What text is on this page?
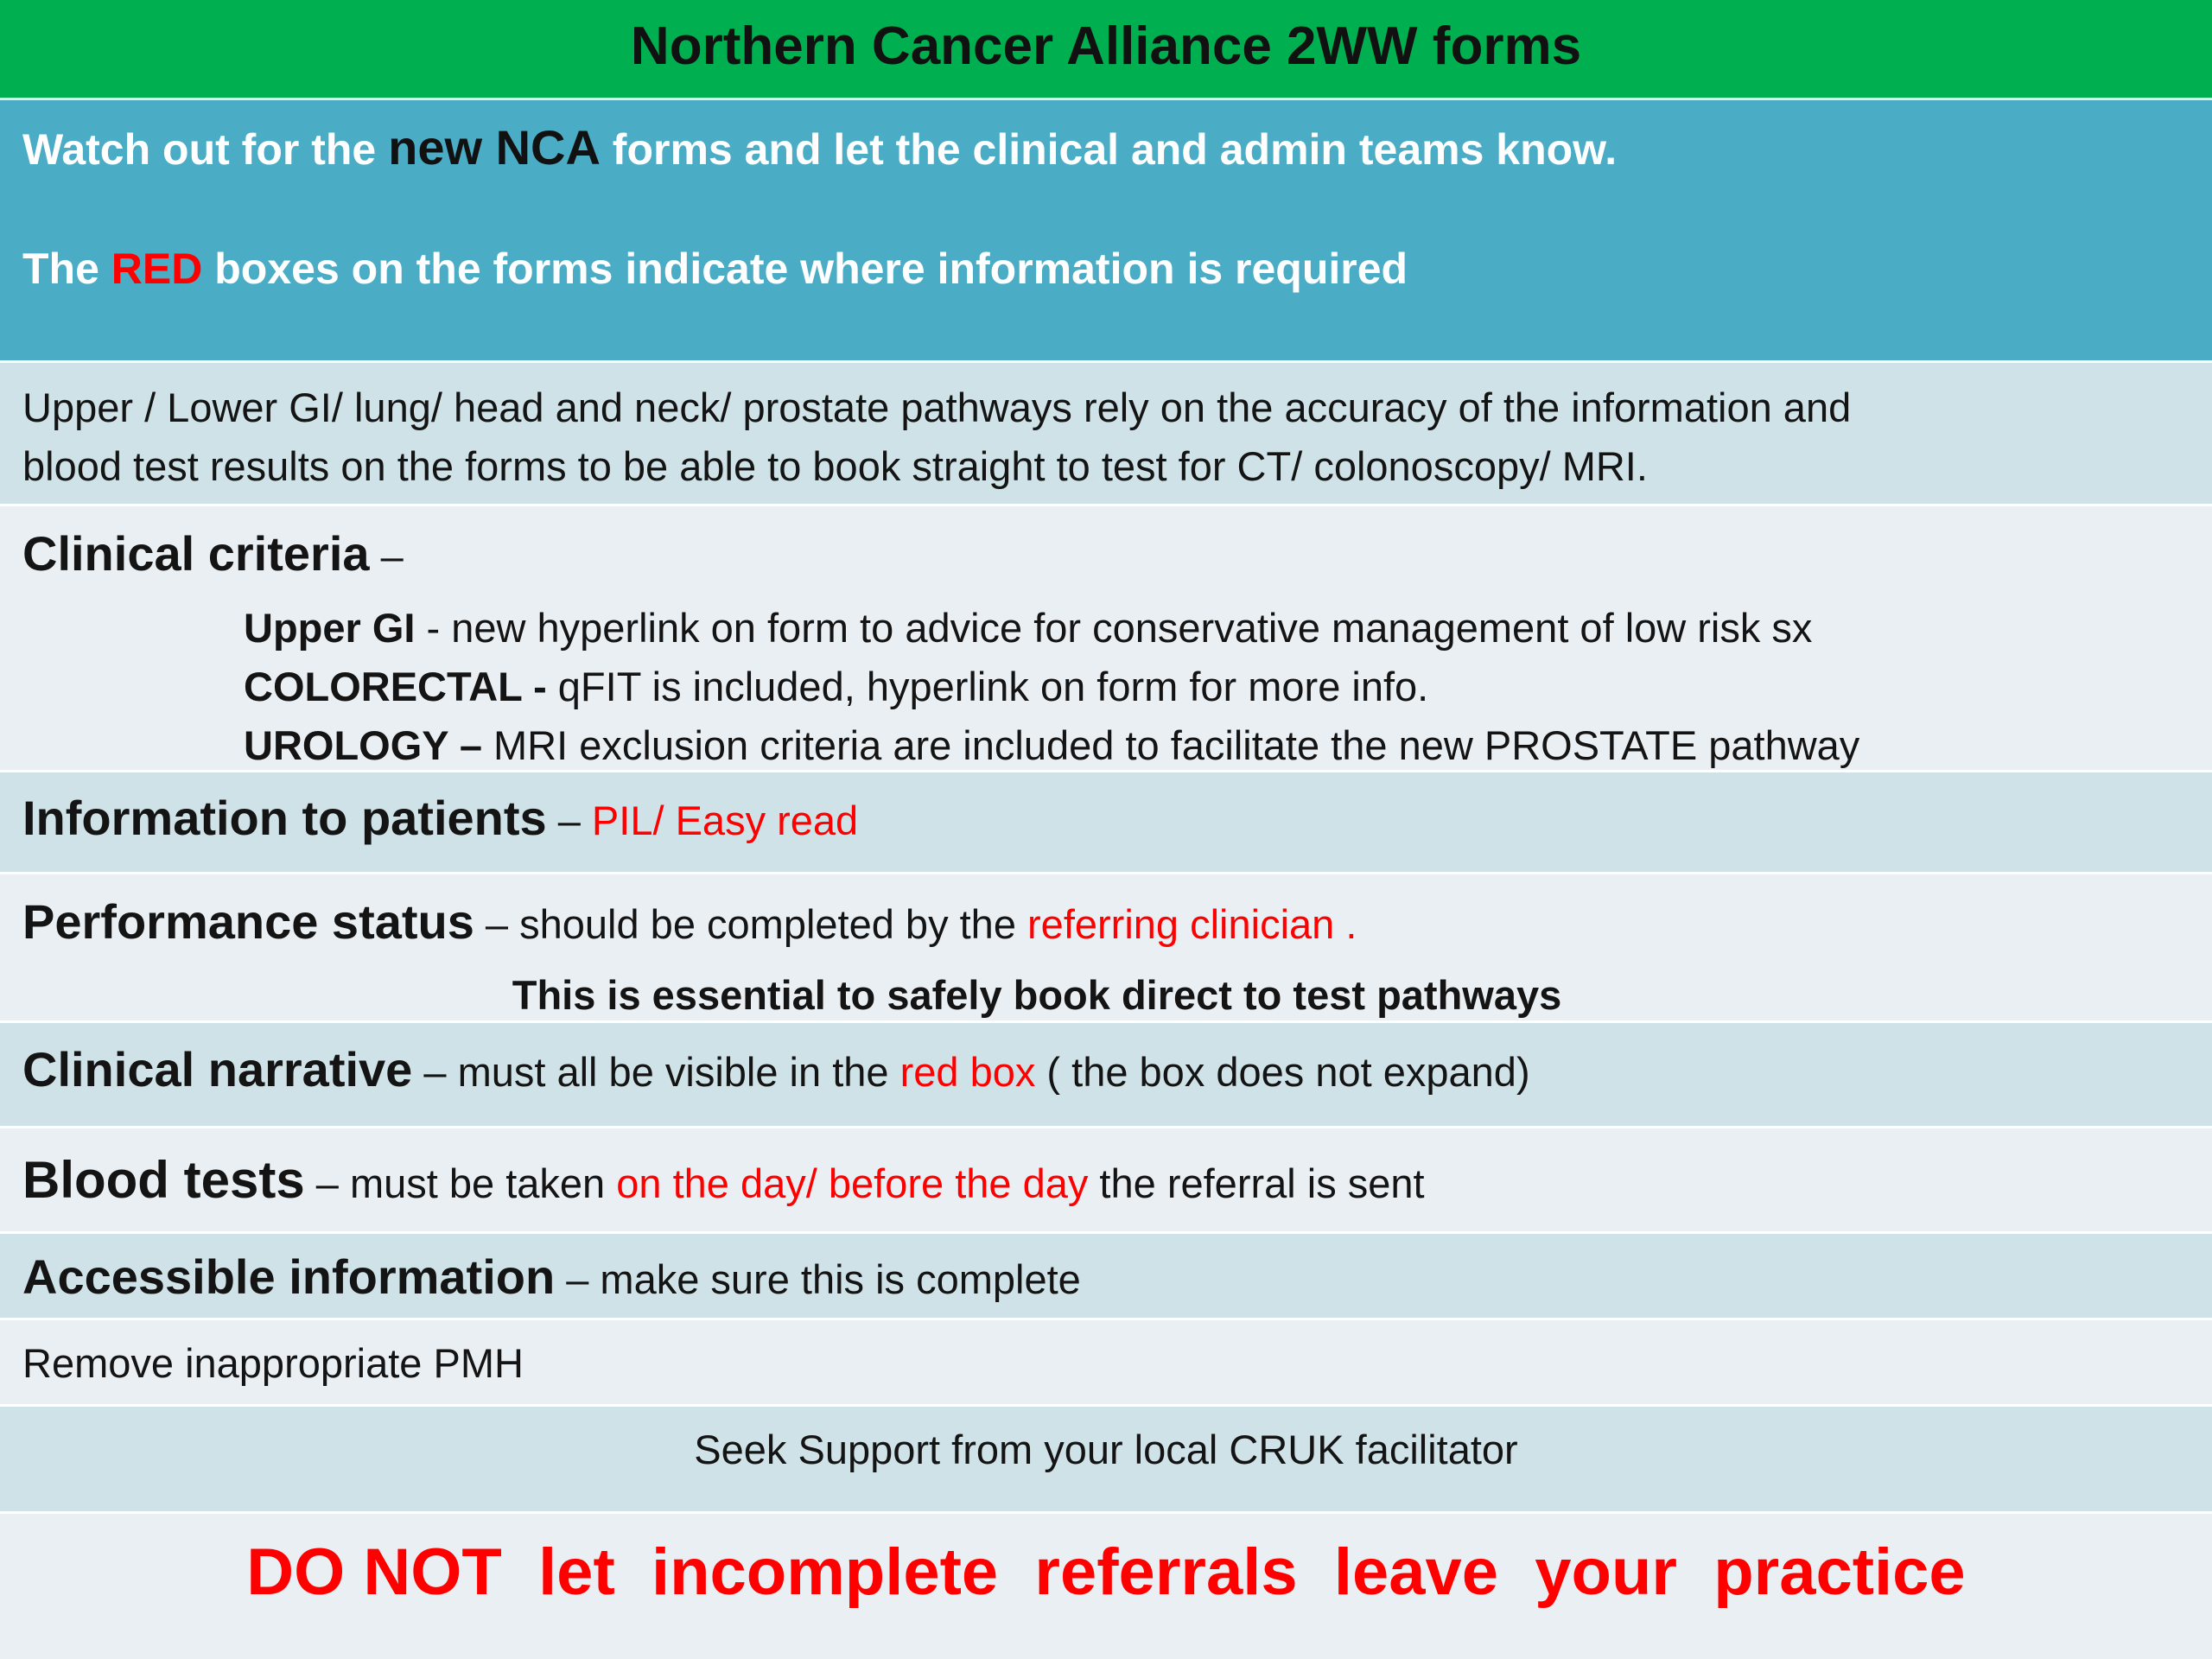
Northern Cancer Alliance 2WW forms

Watch out for the new NCA forms and let the clinical and admin teams know.

The RED boxes on the forms indicate where information is required

Upper / Lower GI/ lung/ head and neck/ prostate pathways rely on the accuracy of the information and
blood test results on the forms to be able to book straight to test for CT/ colonoscopy/ MRI.
Clinical criteria –
Upper GI - new hyperlink on form to advice for conservative management of low risk sx
COLORECTAL - qFIT is included, hyperlink on form for more info.
UROLOGY – MRI exclusion criteria are included to facilitate the new PROSTATE pathway
Information to patients – PIL/ Easy read
Performance status – should be completed by the referring clinician .
This is essential to safely book direct to test pathways
Clinical narrative – must all be visible in the red box ( the box does not expand)
Blood tests – must be taken on the day/ before the day the referral is sent
Accessible information – make sure this is complete
Remove inappropriate PMH
Seek Support from your local CRUK facilitator
DO NOT  let  incomplete  referrals  leave  your  practice
